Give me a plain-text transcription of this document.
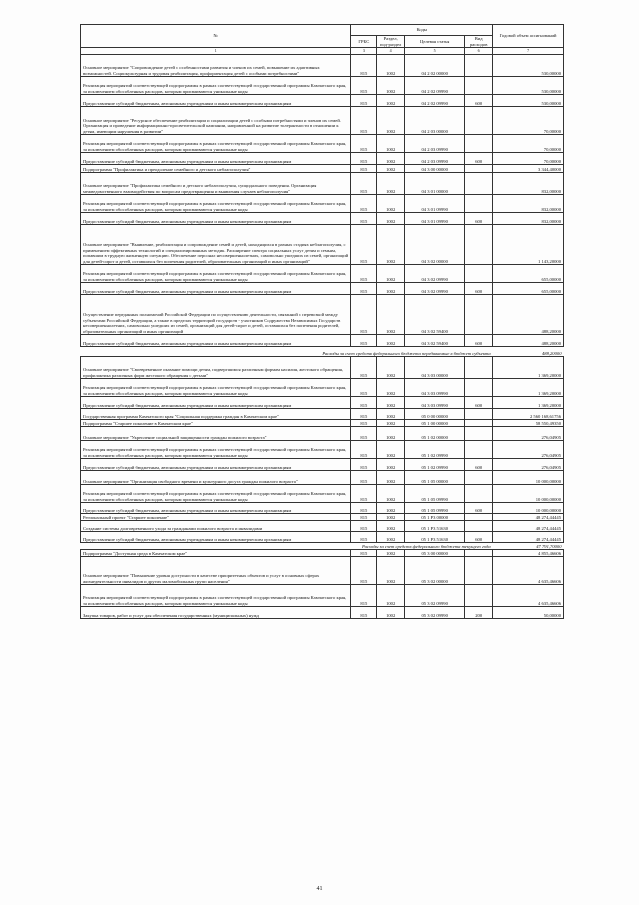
№	Коды				Годовой объем ассигнований
	ГРБС	Раздел, под-раздел	Целевая статья	Вид расходов	
1	3	4	5	6	7
Основное мероприятие "Сопровождение детей с особенностями развития и членов их семей, повышение их адаптивных возможностей. Социокультурная и трудовая реабилитация, профориентация детей с особыми потребностями"	815	1002	04 2 02 00000		530,00000
Реализация мероприятий соответствующей подпрограммы в рамках соответствующей государственной программы Камчатского края, за исключением обособленных расходов, которым присваиваются уникальные коды	815	1002	04 2 02 09990		530,00000
Предоставление субсидий бюджетным, автономным учреждениям и иным некоммерческим организациям	815	1002	04 2 02 09990	600	530,00000
Основное мероприятие "Ресурсное обеспечение реабилитации и социализации детей с особыми потребностями и членов их семей. Организация и проведение информационно-просветительской кампании, направленной на развитие толерантности в отношении к детям, имеющим нарушения в развитии"	815	1002	04 2 03 00000		70,00000
Реализация мероприятий соответствующей подпрограммы в рамках соответствующей государственной программы Камчатского края, за исключением обособленных расходов, которым присваиваются уникальные коды	815	1002	04 2 03 09990		70,00000
Предоставление субсидий бюджетным, автономным учреждениям и иным некоммерческим организациям	815	1002	04 2 03 09990	600	70,00000
Подпрограмма "Профилактика и преодоление семейного и детского неблагополучия"	815	1002	04 3 00 00000		3 344,40000
Основное мероприятие "Профилактика семейного и детского неблагополучия, суицидального поведения. Организация межведомственного взаимодействия по вопросам предотвращения и выявления случаев неблагополучия"	815	1002	04 3 01 00000		832,00000
Реализация мероприятий соответствующей подпрограммы в рамках соответствующей государственной программы Камчатского края, за исключением обособленных расходов, которым присваиваются уникальные коды	815	1002	04 3 01 09990		832,00000
Предоставление субсидий бюджетным, автономным учреждениям и иным некоммерческим организациям	815	1002	04 3 01 09990	600	832,00000
Основное мероприятие "Выявление, реабилитация и сопровождение семей и детей, находящихся в разных стадиях неблагополучия, с применением эффективных технологий и специализированных методик. Расширение спектра социальных услуг детям и семьям, попавшим в трудную жизненную ситуацию. Обеспечение персонал несовершеннолетних, самовольно ушедших из семей, организаций для детей-сирот и детей, оставшихся без попечения родителей, образовательных организаций и иных организаций"	815	1002	04 3 02 00000		1 143,20000
Реализация мероприятий соответствующей подпрограммы в рамках соответствующей государственной программы Камчатского края, за исключением обособленных расходов, которым присваиваются уникальные коды	815	1002	04 3 02 09990		655,00000
Предоставление субсидий бюджетным, автономным учреждениям и иным некоммерческим организациям	815	1002	04 3 02 09990	600	655,00000
Осуществление переданных полномочий Российской Федерации по осуществлению деятельности, связанной с перевозкой между субъектами Российской Федерации, а также в пределах территорий государств - участников Содружества Независимых Государств несовершеннолетних, самовольно ушедших из семей, организаций для детей-сирот и детей, оставшихся без попечения родителей, образовательных организаций и иных организаций	815	1002	04 3 02 59400		488,20000
Предоставление субсидий бюджетным, автономным учреждениям и иным некоммерческим организациям	815	1002	04 3 02 59400	600	488,20000
Расходы за счет средств федерального бюджета передаваемые в бюджет субъекта					488,20000
Основное мероприятие "Своевременное оказание помощи детям, подвергшимся различным формам насилия, жестокого обращения, профилактика различных форм жестокого обращения с детьми"	815	1002	04 3 03 00000		1 369,20000
Реализация мероприятий соответствующей подпрограммы в рамках соответствующей государственной программы Камчатского края, за исключением обособленных расходов, которым присваиваются уникальные коды	815	1002	04 3 03 09990		1 369,20000
Предоставление субсидий бюджетным, автономным учреждениям и иным некоммерческим организациям	815	1002	04 3 03 09990	600	1 369,20000
Государственная программа Камчатского края "Социальная поддержка граждан в Камчатском крае"	815	1002	05 0 00 00000		2 560 168,61756
Подпрограмма "Старшее поколение в Камчатском крае"	815	1002	05 1 00 00000		58 550,49350
Основное мероприятие "Укрепление социальной защищенности граждан пожилого возраста"	815	1002	05 1 02 00000		276,04905
Реализация мероприятий соответствующей подпрограммы в рамках соответствующей государственной программы Камчатского края, за исключением обособленных расходов, которым присваиваются уникальные коды	815	1002	05 1 02 09990		276,04905
Предоставление субсидий бюджетным, автономным учреждениям и иным некоммерческим организациям	815	1002	05 1 02 09990	600	276,04905
Основное мероприятие "Организация свободного времени и культурного досуга граждан пожилого возраста"	815	1002	05 1 05 00000		10 000,00000
Реализация мероприятий соответствующей подпрограммы в рамках соответствующей государственной программы Камчатского края, за исключением обособленных расходов, которым присваиваются уникальные коды	815	1002	05 1 05 09990		10 000,00000
Предоставление субсидий бюджетным, автономным учреждениям и иным некоммерческим организациям	815	1002	05 1 05 09990	600	10 000,00000
Региональный проект "Старшее поколение"	815	1002	05 1 P3 00000		48 274,44445
Создание системы долговременного ухода за гражданами пожилого возраста и инвалидами	815	1002	05 1 P3 51630		48 274,44445
Предоставление субсидий бюджетным, автономным учреждениям и иным некоммерческим организациям	815	1002	05 1 P3 51630	600	48 274,44445
Расходы за счет средств федерального бюджета текущего года					47 791,70000
Подпрограмма "Доступная среда в Камчатском крае"	815	1002	05 3 00 00000		4 855,46606
Основное мероприятие "Повышение уровня доступности в качестве приоритетных объектов и услуг в основных сферах жизнедеятельности инвалидов и других маломобильных групп населения"	815	1002	05 3 02 00000		4 635,46606
Реализация мероприятий соответствующей подпрограммы в рамках соответствующей государственной программы Камчатского края, за исключением обособленных расходов, которым присваиваются уникальные коды	815	1002	05 3 02 09990		4 635,46606
Закупка товаров, работ и услуг для обеспечения государственных (муниципальных) нужд	815	1002	05 3 02 09990	200	50,00000
41
